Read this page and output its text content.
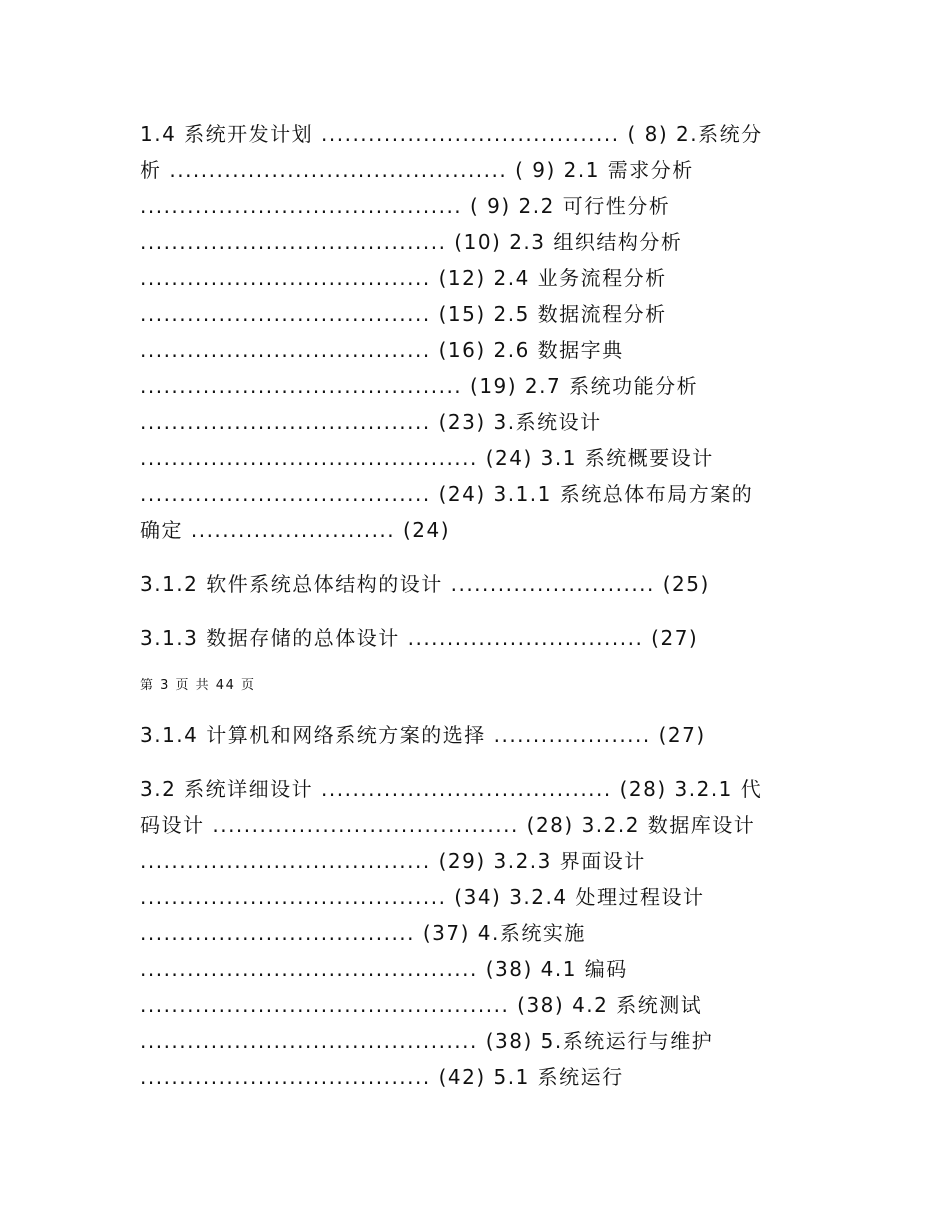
1.4 系统开发计划 ...................................... ( 8) 2.系统分
析 ........................................... ( 9) 2.1 需求分析
......................................... ( 9) 2.2 可行性分析
....................................... (10) 2.3 组织结构分析
..................................... (12) 2.4 业务流程分析
..................................... (15) 2.5 数据流程分析
..................................... (16) 2.6 数据字典
......................................... (19) 2.7 系统功能分析
..................................... (23) 3.系统设计
........................................... (24) 3.1 系统概要设计
..................................... (24) 3.1.1 系统总体布局方案的
确定 .......................... (24)
3.1.2 软件系统总体结构的设计 .......................... (25)
3.1.3 数据存储的总体设计 .............................. (27)
第 3 页 共 44 页
3.1.4 计算机和网络系统方案的选择 .................... (27)
3.2 系统详细设计 ..................................... (28) 3.2.1 代
码设计 ....................................... (28) 3.2.2 数据库设计
..................................... (29) 3.2.3 界面设计
....................................... (34) 3.2.4 处理过程设计
................................... (37) 4.系统实施
........................................... (38) 4.1 编码
............................................... (38) 4.2 系统测试
........................................... (38) 5.系统运行与维护
..................................... (42) 5.1 系统运行
